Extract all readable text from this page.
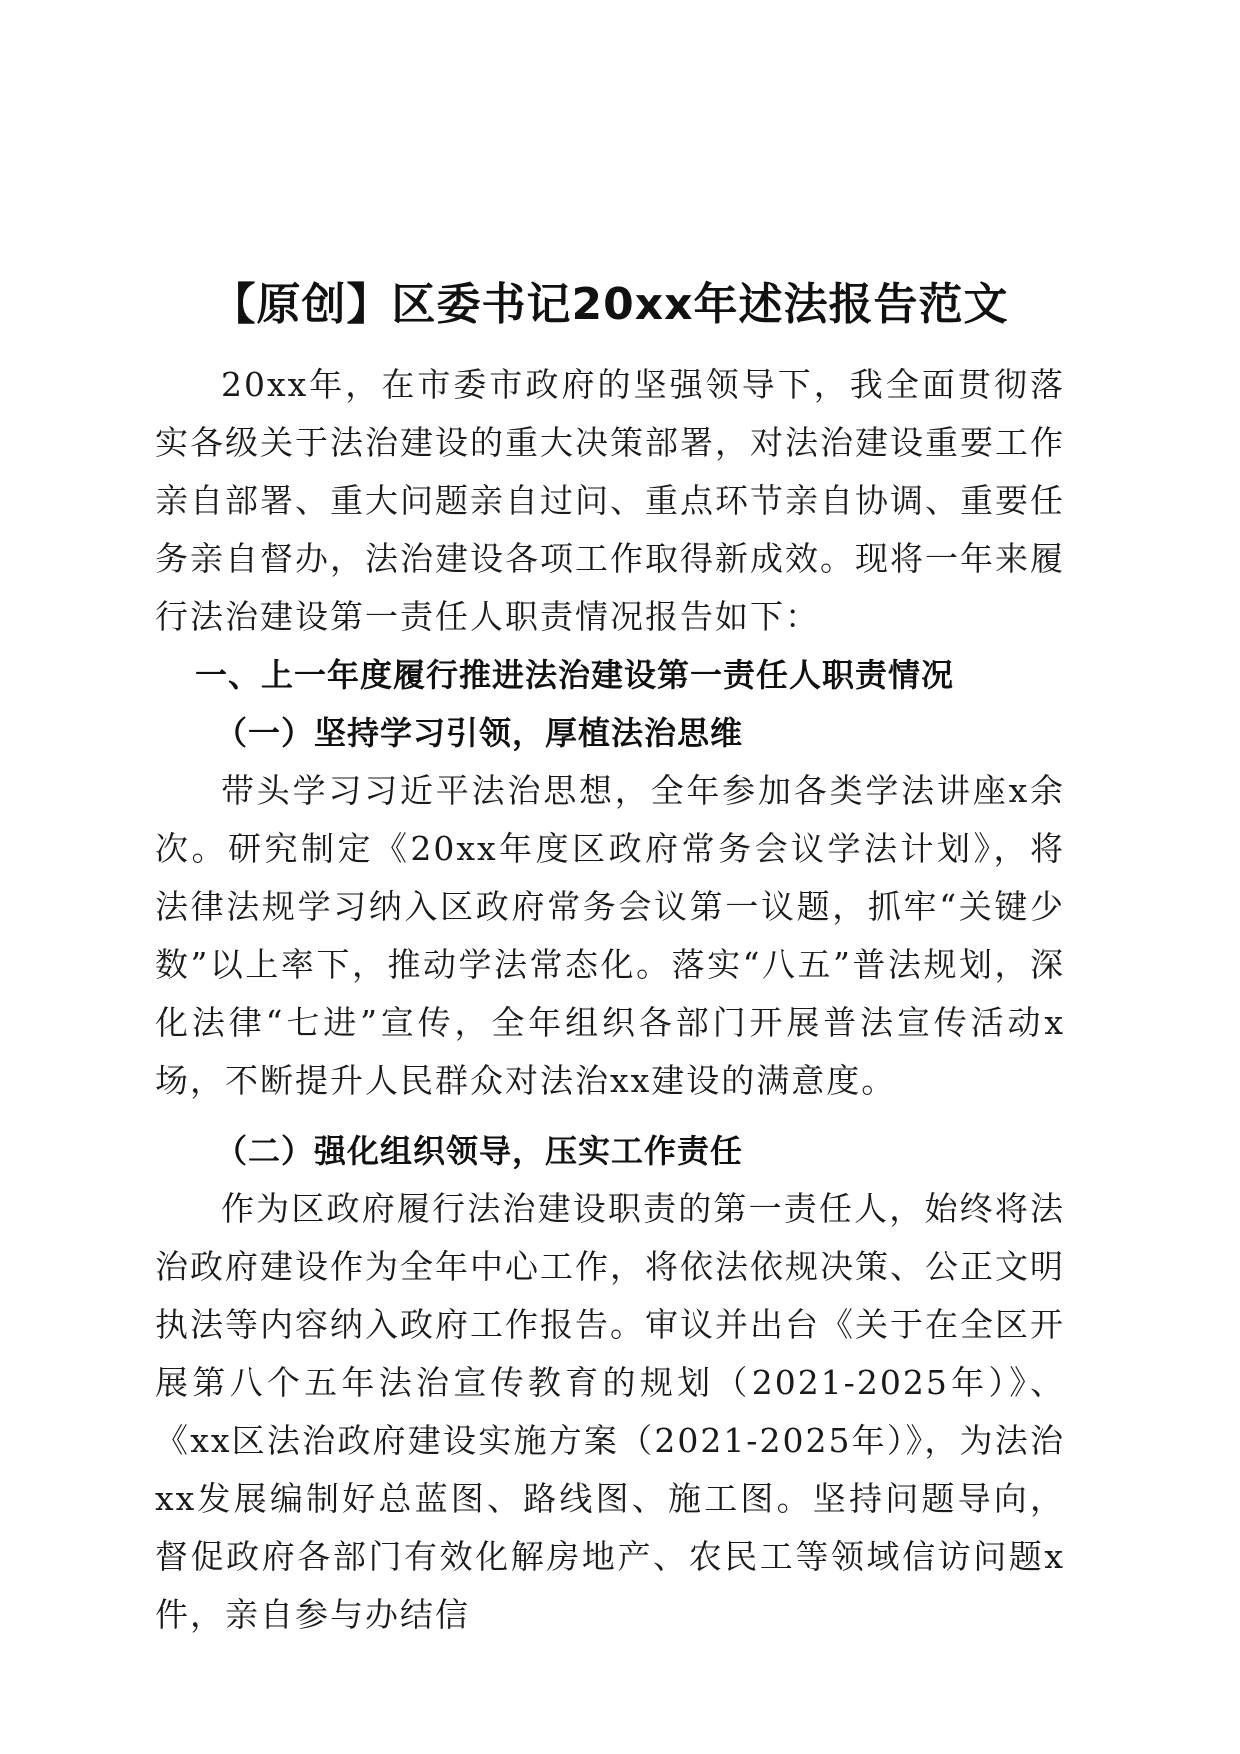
【原创】区委书记20xx年述法报告范文

20xx年，在市委市政府的坚强领导下，我全面贯彻落实各级关于法治建设的重大决策部署，对法治建设重要工作亲自部署、重大问题亲自过问、重点环节亲自协调、重要任务亲自督办，法治建设各项工作取得新成效。现将一年来履行法治建设第一责任人职责情况报告如下：

一、上一年度履行推进法治建设第一责任人职责情况
（一）坚持学习引领，厚植法治思维

带头学习习近平法治思想，全年参加各类学法讲座x余次。研究制定《20xx年度区政府常务会议学法计划》，将法律法规学习纳入区政府常务会议第一议题，抓牢“关键少数”以上率下，推动学法常态化。落实“八五”普法规划，深化法律“七进”宣传，全年组织各部门开展普法宣传活动x场，不断提升人民群众对法治xx建设的满意度。

（二）强化组织领导，压实工作责任

作为区政府履行法治建设职责的第一责任人，始终将法治政府建设作为全年中心工作，将依法依规决策、公正文明执法等内容纳入政府工作报告。审议并出台《关于在全区开展第八个五年法治宣传教育的规划（2021-2025年）》、《xx区法治政府建设实施方案（2021-2025年）》，为法治xx发展编制好总蓝图、路线图、施工图。坚持问题导向，督促政府各部门有效化解房地产、农民工等领域信访问题x件，亲自参与办结信
